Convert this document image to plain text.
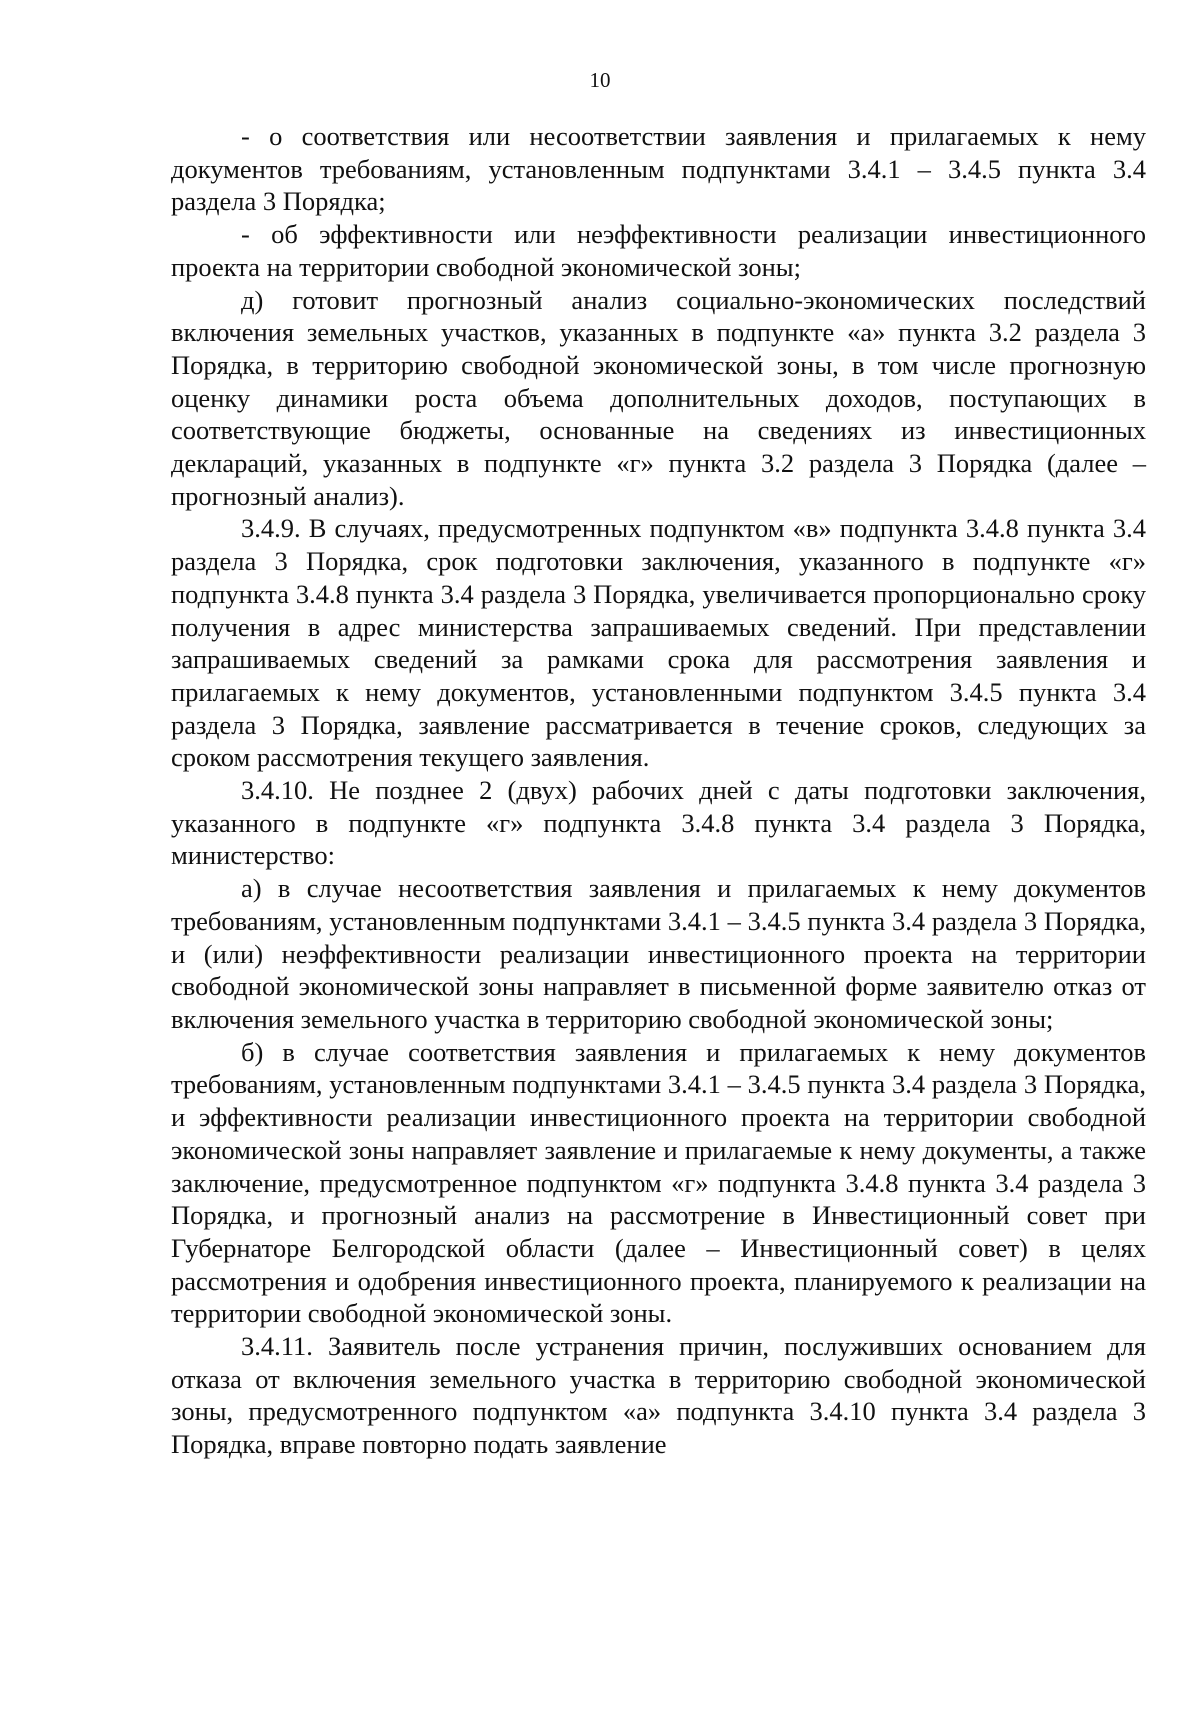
10

- о соответствия или несоответствии заявления и прилагаемых к нему документов требованиям, установленным подпунктами 3.4.1 – 3.4.5 пункта 3.4 раздела 3 Порядка;

- об эффективности или неэффективности реализации инвестиционного проекта на территории свободной экономической зоны;

д) готовит прогнозный анализ социально-экономических последствий включения земельных участков, указанных в подпункте «а» пункта 3.2 раздела 3 Порядка, в территорию свободной экономической зоны, в том числе прогнозную оценку динамики роста объема дополнительных доходов, поступающих в соответствующие бюджеты, основанные на сведениях из инвестиционных деклараций, указанных в подпункте «г» пункта 3.2 раздела 3 Порядка (далее – прогнозный анализ).

3.4.9. В случаях, предусмотренных подпунктом «в» подпункта 3.4.8 пункта 3.4 раздела 3 Порядка, срок подготовки заключения, указанного в подпункте «г» подпункта 3.4.8 пункта 3.4 раздела 3 Порядка, увеличивается пропорционально сроку получения в адрес министерства запрашиваемых сведений. При представлении запрашиваемых сведений за рамками срока для рассмотрения заявления и прилагаемых к нему документов, установленными подпунктом 3.4.5 пункта 3.4 раздела 3 Порядка, заявление рассматривается в течение сроков, следующих за сроком рассмотрения текущего заявления.

3.4.10. Не позднее 2 (двух) рабочих дней с даты подготовки заключения, указанного в подпункте «г» подпункта 3.4.8 пункта 3.4 раздела 3 Порядка, министерство:

а) в случае несоответствия заявления и прилагаемых к нему документов требованиям, установленным подпунктами 3.4.1 – 3.4.5 пункта 3.4 раздела 3 Порядка, и (или) неэффективности реализации инвестиционного проекта на территории свободной экономической зоны направляет в письменной форме заявителю отказ от включения земельного участка в территорию свободной экономической зоны;

б) в случае соответствия заявления и прилагаемых к нему документов требованиям, установленным подпунктами 3.4.1 – 3.4.5 пункта 3.4 раздела 3 Порядка, и эффективности реализации инвестиционного проекта на территории свободной экономической зоны направляет заявление и прилагаемые к нему документы, а также заключение, предусмотренное подпунктом «г» подпункта 3.4.8 пункта 3.4 раздела 3 Порядка, и прогнозный анализ на рассмотрение в Инвестиционный совет при Губернаторе Белгородской области (далее – Инвестиционный совет) в целях рассмотрения и одобрения инвестиционного проекта, планируемого к реализации на территории свободной экономической зоны.

3.4.11. Заявитель после устранения причин, послуживших основанием для отказа от включения земельного участка в территорию свободной экономической зоны, предусмотренного подпунктом «а» подпункта 3.4.10 пункта 3.4 раздела 3 Порядка, вправе повторно подать заявление
